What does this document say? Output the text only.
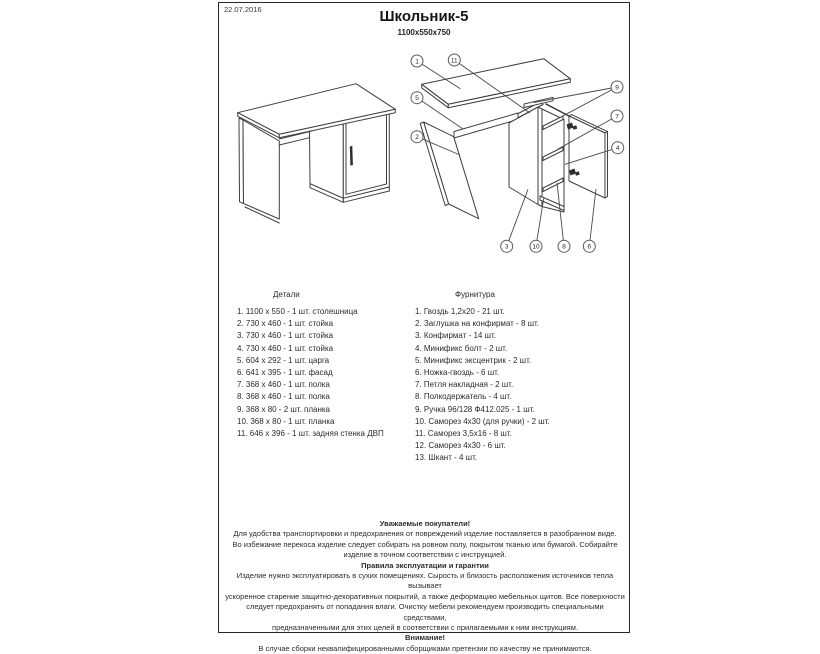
22.07.2016	Школьник-5
1100x550x750
1	11
9
5
7
2
4
3	10	8	6
Детали
1. 1100 x 550 - 1 шт. столешница
2. 730 x 460 - 1 шт. стойка
3. 730 x 460 - 1 шт. стойка
4. 730 x 460 - 1 шт. стойка
5. 604 x 292 - 1 шт. царга
6. 641 x 395 - 1 шт. фасад
7. 368 x 460 - 1 шт. полка
8. 368 x 460 - 1 шт. полка
9. 368 x 80 - 2 шт. планка
10. 368 x 80 - 1 шт. планка
11. 646 x 396 - 1 шт. задняя стенка ДВП
Фурнитура
1. Гвоздь 1,2x20 - 21 шт.
2. Заглушка на конфирмат - 8 шт.
3. Конфирмат - 14 шт.
4. Минификс болт - 2 шт.
5. Минификс эксцентрик - 2 шт.
6. Ножка-гвоздь - 6 шт.
7. Петля накладная - 2 шт.
8. Полкодержатель - 4 шт.
9. Ручка 96/128 Ф412.025 - 1 шт.
10. Саморез 4x30 (для ручки) - 2 шт.
11. Саморез 3,5x16 - 8 шт.
12. Саморез 4x30 - 6 шт.
13. Шкант - 4 шт.
Уважаемые покупатели!
Для удобства транспортировки и предохранения от повреждений изделие поставляется в разобранном виде.
Во избежание перекоса изделие следует собирать на ровном полу, покрытом тканью или бумагой. Собирайте
изделие в точном соответствии с инструкцией.
Правила эксплуатации и гарантии
Изделие нужно эксплуатировать в сухих помещениях. Сырость и близость расположения источников тепла вызывает
ускоренное старение защитно-декоративных покрытий, а также деформацию мебельных щитов. Все поверхности
следует предохранять от попадания влаги. Очистку мебели рекомендуем производить специальными средствами,
предназначенными для этих целей в соответствии с прилагаемыми к ним инструкциям.
Внимание!
В случае сборки неквалифицированными сборщиками претензии по качеству не принимаются.
